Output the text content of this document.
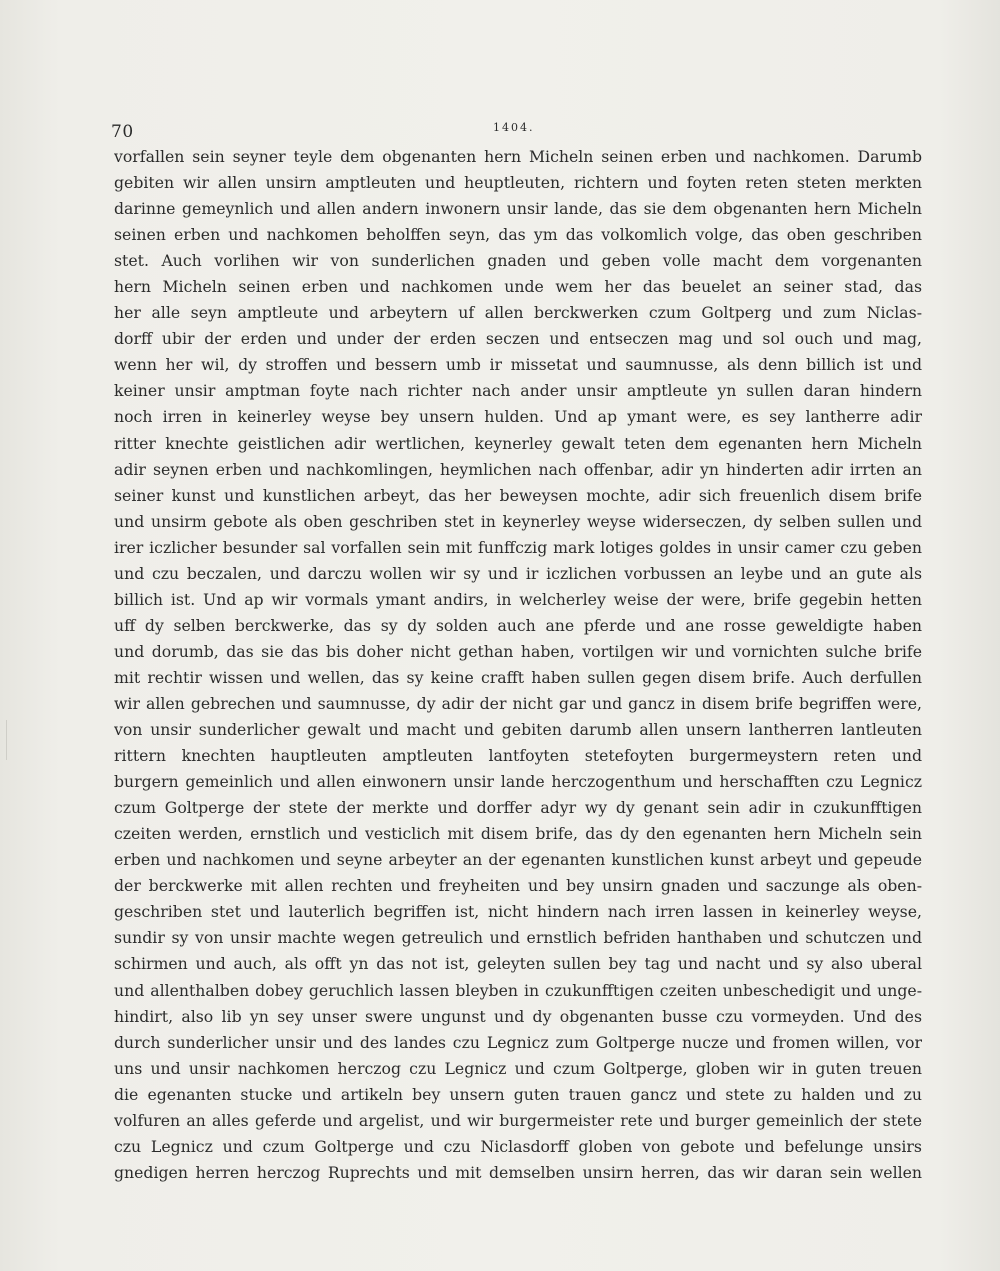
70	1404.
vorfallen sein seyner teyle dem obgenanten hern Micheln seinen erben und nachkomen. Darumb
gebiten wir allen unsirn amptleuten und heuptleuten, richtern und foyten reten steten merkten
darinne gemeynlich und allen andern inwonern unsir lande, das sie dem obgenanten hern Micheln
seinen erben und nachkomen beholffen seyn, das ym das volkomlich volge, das oben geschriben
stet. Auch vorlihen wir von sunderlichen gnaden und geben volle macht dem vorgenanten
hern Micheln seinen erben und nachkomen unde wem her das beuelet an seiner stad, das
her alle seyn amptleute und arbeytern uf allen berckwerken czum Goltperg und zum Niclas-
dorff ubir der erden und under der erden seczen und entseczen mag und sol ouch und mag,
wenn her wil, dy stroffen und bessern umb ir missetat und saumnusse, als denn billich ist und
keiner unsir amptman foyte nach richter nach ander unsir amptleute yn sullen daran hindern
noch irren in keinerley weyse bey unsern hulden. Und ap ymant were, es sey lantherre adir
ritter knechte geistlichen adir wertlichen, keynerley gewalt teten dem egenanten hern Micheln
adir seynen erben und nachkomlingen, heymlichen nach offenbar, adir yn hinderten adir irrten an
seiner kunst und kunstlichen arbeyt, das her beweysen mochte, adir sich freuenlich disem brife
und unsirm gebote als oben geschriben stet in keynerley weyse widerseczen, dy selben sullen und
irer iczlicher besunder sal vorfallen sein mit funffczig mark lotiges goldes in unsir camer czu geben
und czu beczalen, und darczu wollen wir sy und ir iczlichen vorbussen an leybe und an gute als
billich ist. Und ap wir vormals ymant andirs, in welcherley weise der were, brife gegebin hetten
uff dy selben berckwerke, das sy dy solden auch ane pferde und ane rosse geweldigte haben
und dorumb, das sie das bis doher nicht gethan haben, vortilgen wir und vornichten sulche brife
mit rechtir wissen und wellen, das sy keine crafft haben sullen gegen disem brife. Auch derfullen
wir allen gebrechen und saumnusse, dy adir der nicht gar und gancz in disem brife begriffen were,
von unsir sunderlicher gewalt und macht und gebiten darumb allen unsern lantherren lantleuten
rittern knechten hauptleuten amptleuten lantfoyten stetefoyten burgermeystern reten und
burgern gemeinlich und allen einwonern unsir lande herczogenthum und herschafften czu Legnicz
czum Goltperge der stete der merkte und dorffer adyr wy dy genant sein adir in czukunfftigen
czeiten werden, ernstlich und vesticlich mit disem brife, das dy den egenanten hern Micheln sein
erben und nachkomen und seyne arbeyter an der egenanten kunstlichen kunst arbeyt und gepeude
der berckwerke mit allen rechten und freyheiten und bey unsirn gnaden und saczunge als oben-
geschriben stet und lauterlich begriffen ist, nicht hindern nach irren lassen in keinerley weyse,
sundir sy von unsir machte wegen getreulich und ernstlich befriden hanthaben und schutczen und
schirmen und auch, als offt yn das not ist, geleyten sullen bey tag und nacht und sy also uberal
und allenthalben dobey geruchlich lassen bleyben in czukunfftigen czeiten unbeschedigit und unge-
hindirt, also lib yn sey unser swere ungunst und dy obgenanten busse czu vormeyden. Und des
durch sunderlicher unsir und des landes czu Legnicz zum Goltperge nucze und fromen willen, vor
uns und unsir nachkomen herczog czu Legnicz und czum Goltperge, globen wir in guten treuen
die egenanten stucke und artikeln bey unsern guten trauen gancz und stete zu halden und zu
volfuren an alles geferde und argelist, und wir burgermeister rete und burger gemeinlich der stete
czu Legnicz und czum Goltperge und czu Niclasdorff globen von gebote und befelunge unsirs
gnedigen herren herczog Ruprechts und mit demselben unsirn herren, das wir daran sein wellen
